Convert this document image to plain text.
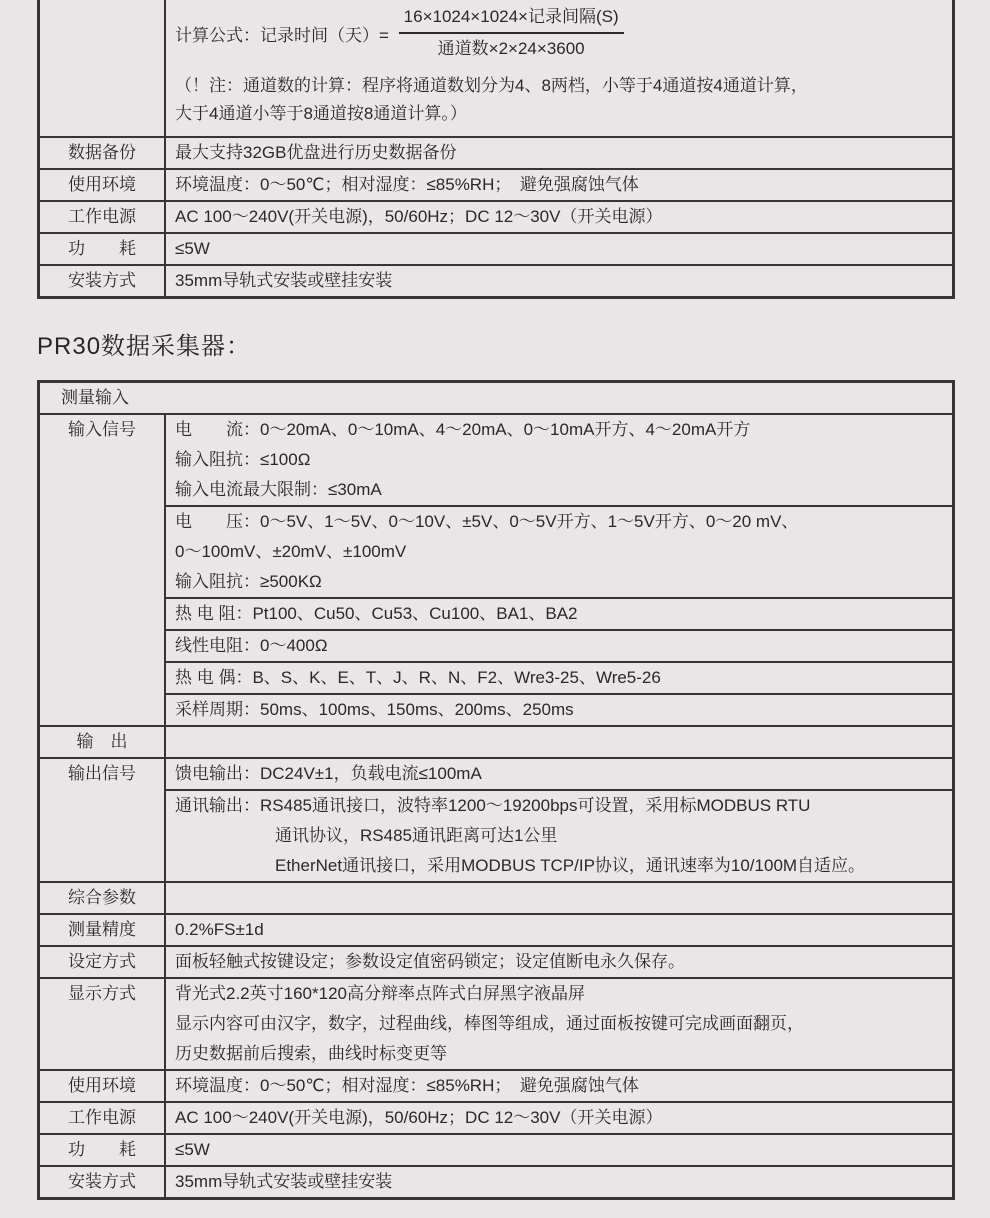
计算公式：记录时间（天）= $\frac{\text{16×1024×1024×记录间隔(S)}}{\text{通道数×2×24×3600}}$
（！注：通道数的计算：程序将通道数划分为4、8两档，小等于4通道按4通道计算，
大于4通道小等于8通道按8通道计算。）
数据备份	最大支持32GB优盘进行历史数据备份
使用环境	环境温度：0～50℃；相对湿度：≤85%RH；　避免强腐蚀气体
工作电源	AC 100～240V(开关电源)，50/60Hz；DC 12～30V（开关电源）
功　　耗	≤5W
安装方式	35mm导轨式安装或壁挂安装
PR30数据采集器：
测量输入
输入信号	电　　流：0～20mA、0～10mA、4～20mA、0～10mA开方、4～20mA开方
输入阻抗：≤100Ω
输入电流最大限制：≤30mA
电　　压：0～5V、1～5V、0～10V、±5V、0～5V开方、1～5V开方、0～20 mV、
0～100mV、±20mV、±100mV
输入阻抗：≥500KΩ
热 电 阻：Pt100、Cu50、Cu53、Cu100、BA1、BA2
线性电阻：0～400Ω
热 电 偶：B、S、K、E、T、J、R、N、F2、Wre3-25、Wre5-26
采样周期：50ms、100ms、150ms、200ms、250ms
输　出
输出信号	馈电输出：DC24V±1，负载电流≤100mA
通讯输出：RS485通讯接口，波特率1200～19200bps可设置，采用标MODBUS RTU
通讯协议，RS485通讯距离可达1公里
EtherNet通讯接口，采用MODBUS TCP/IP协议，通讯速率为10/100M自适应。
综合参数
测量精度	0.2%FS±1d
设定方式	面板轻触式按键设定；参数设定值密码锁定；设定值断电永久保存。
显示方式	背光式2.2英寸160*120高分辩率点阵式白屏黑字液晶屏
显示内容可由汉字，数字，过程曲线，棒图等组成，通过面板按键可完成画面翻页，
历史数据前后搜索，曲线时标变更等
使用环境	环境温度：0～50℃；相对湿度：≤85%RH；　避免强腐蚀气体
工作电源	AC 100～240V(开关电源)，50/60Hz；DC 12～30V（开关电源）
功　　耗	≤5W
安装方式	35mm导轨式安装或壁挂安装
